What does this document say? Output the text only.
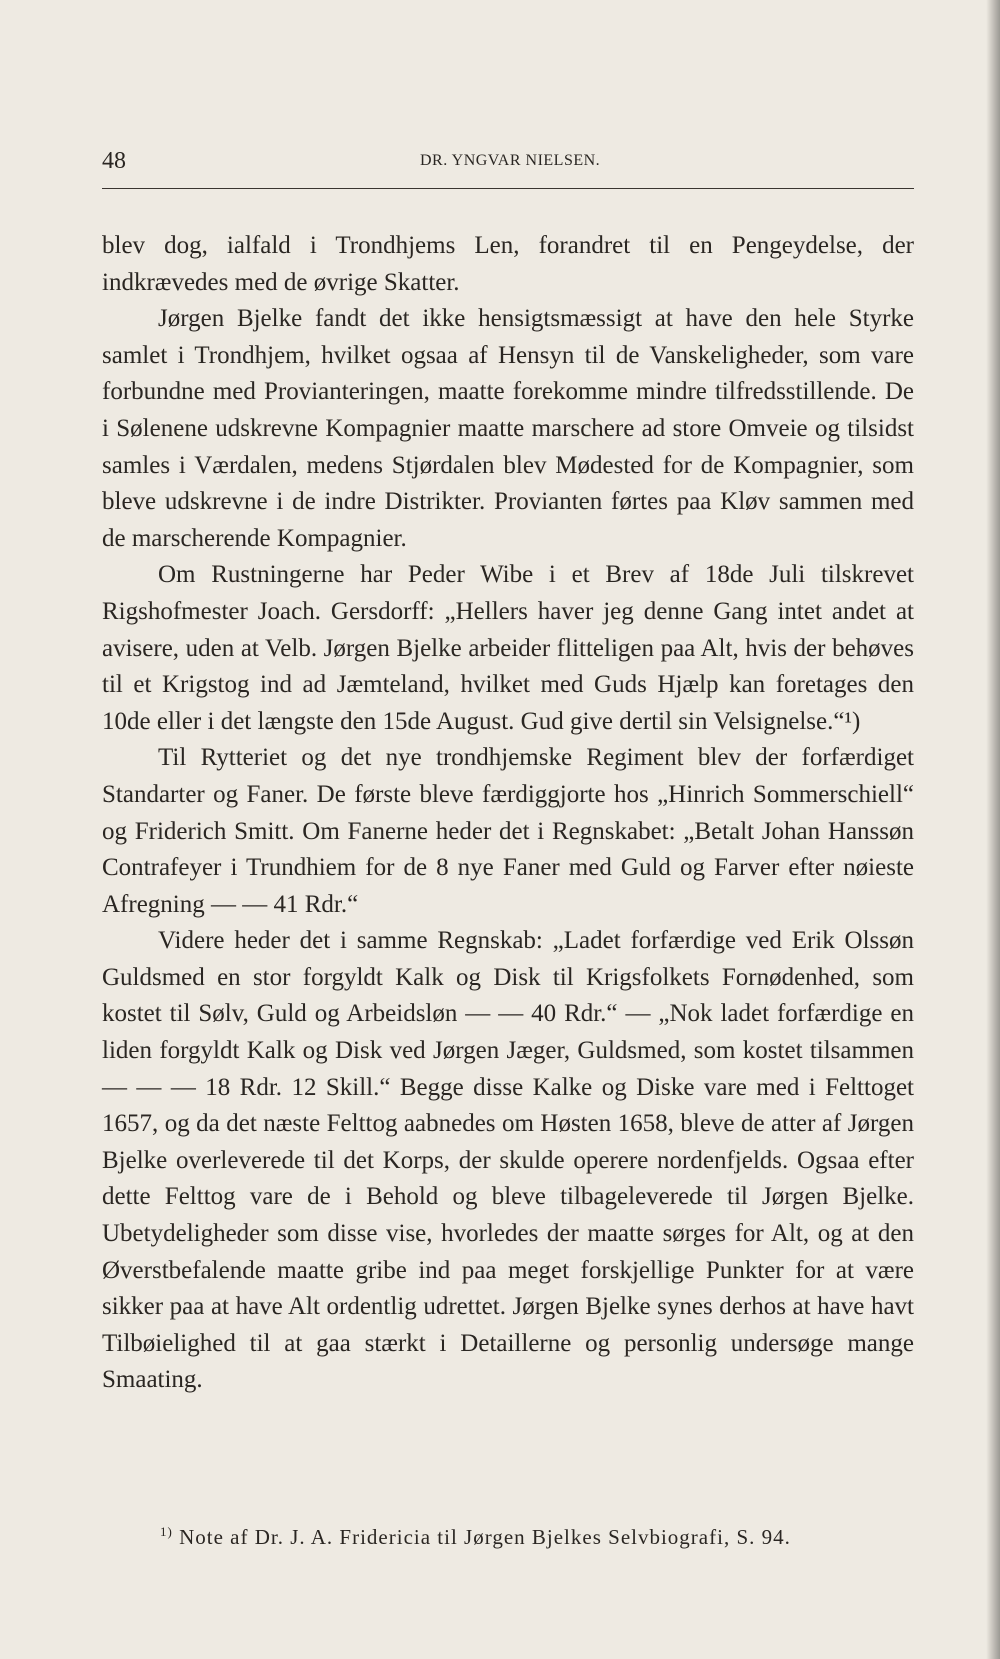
48	DR. YNGVAR NIELSEN.

blev dog, ialfald i Trondhjems Len, forandret til en Pengeydelse, der indkrævedes med de øvrige Skatter.

Jørgen Bjelke fandt det ikke hensigtsmæssigt at have den hele Styrke samlet i Trondhjem, hvilket ogsaa af Hensyn til de Vanskeligheder, som vare forbundne med Provianteringen, maatte forekomme mindre tilfredsstillende. De i Sølenene udskrevne Kompagnier maatte marschere ad store Omveie og tilsidst samles i Værdalen, medens Stjørdalen blev Mødested for de Kompagnier, som bleve udskrevne i de indre Distrikter. Provianten førtes paa Kløv sammen med de marscherende Kompagnier.

Om Rustningerne har Peder Wibe i et Brev af 18de Juli tilskrevet Rigshofmester Joach. Gersdorff: „Hellers haver jeg denne Gang intet andet at avisere, uden at Velb. Jørgen Bjelke arbeider flitteligen paa Alt, hvis der behøves til et Krigstog ind ad Jæmteland, hvilket med Guds Hjælp kan foretages den 10de eller i det længste den 15de August. Gud give dertil sin Velsignelse.“¹)

Til Rytteriet og det nye trondhjemske Regiment blev der forfærdiget Standarter og Faner. De første bleve færdiggjorte hos „Hinrich Sommerschiell“ og Friderich Smitt. Om Fanerne heder det i Regnskabet: „Betalt Johan Hanssøn Contrafeyer i Trundhiem for de 8 nye Faner med Guld og Farver efter nøieste Afregning — — 41 Rdr.“

Videre heder det i samme Regnskab: „Ladet forfærdige ved Erik Olssøn Guldsmed en stor forgyldt Kalk og Disk til Krigsfolkets Fornødenhed, som kostet til Sølv, Guld og Arbeidsløn — — 40 Rdr.“ — „Nok ladet forfærdige en liden forgyldt Kalk og Disk ved Jørgen Jæger, Guldsmed, som kostet tilsammen — — — 18 Rdr. 12 Skill.“ Begge disse Kalke og Diske vare med i Felttoget 1657, og da det næste Felttog aabnedes om Høsten 1658, bleve de atter af Jørgen Bjelke overleverede til det Korps, der skulde operere nordenfjelds. Ogsaa efter dette Felttog vare de i Behold og bleve tilbageleverede til Jørgen Bjelke. Ubetydeligheder som disse vise, hvorledes der maatte sørges for Alt, og at den Øverstbefalende maatte gribe ind paa meget forskjellige Punkter for at være sikker paa at have Alt ordentlig udrettet. Jørgen Bjelke synes derhos at have havt Tilbøielighed til at gaa stærkt i Detaillerne og personlig undersøge mange Smaating.

$^{1)}$ Note af Dr. J. A. Fridericia til Jørgen Bjelkes Selvbiografi, S. 94.
